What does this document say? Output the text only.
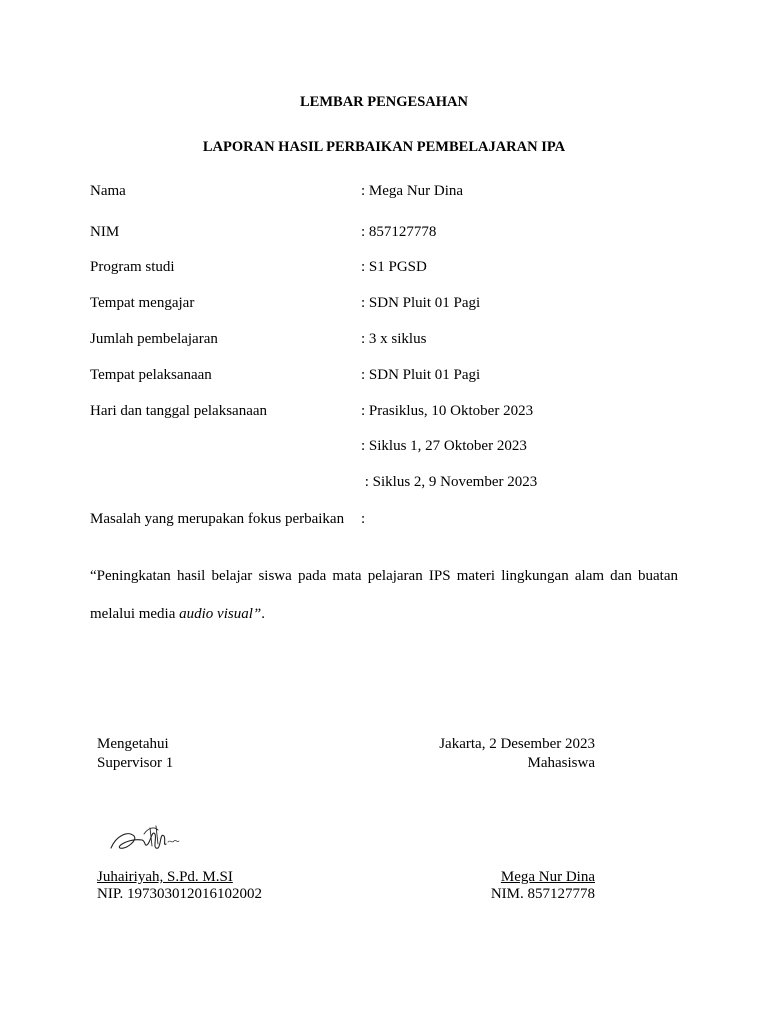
LEMBAR PENGESAHAN
LAPORAN HASIL PERBAIKAN PEMBELAJARAN IPA
Nama	: Mega Nur Dina
NIM	: 857127778
Program studi	: S1 PGSD
Tempat mengajar	: SDN Pluit 01 Pagi
Jumlah pembelajaran	: 3 x siklus
Tempat pelaksanaan	: SDN Pluit 01 Pagi
Hari dan tanggal pelaksanaan	: Prasiklus, 10 Oktober 2023
: Siklus 1, 27 Oktober 2023
: Siklus 2, 9 November 2023
Masalah yang merupakan fokus perbaikan :
“Peningkatan hasil belajar siswa pada mata pelajaran IPS materi lingkungan alam dan buatan
melalui media audio visual”.
Mengetahui
Supervisor 1
Juhairiyah, S.Pd. M.SI
NIP. 197303012016102002
Jakarta, 2 Desember 2023
Mahasiswa
Mega Nur Dina
NIM. 857127778
